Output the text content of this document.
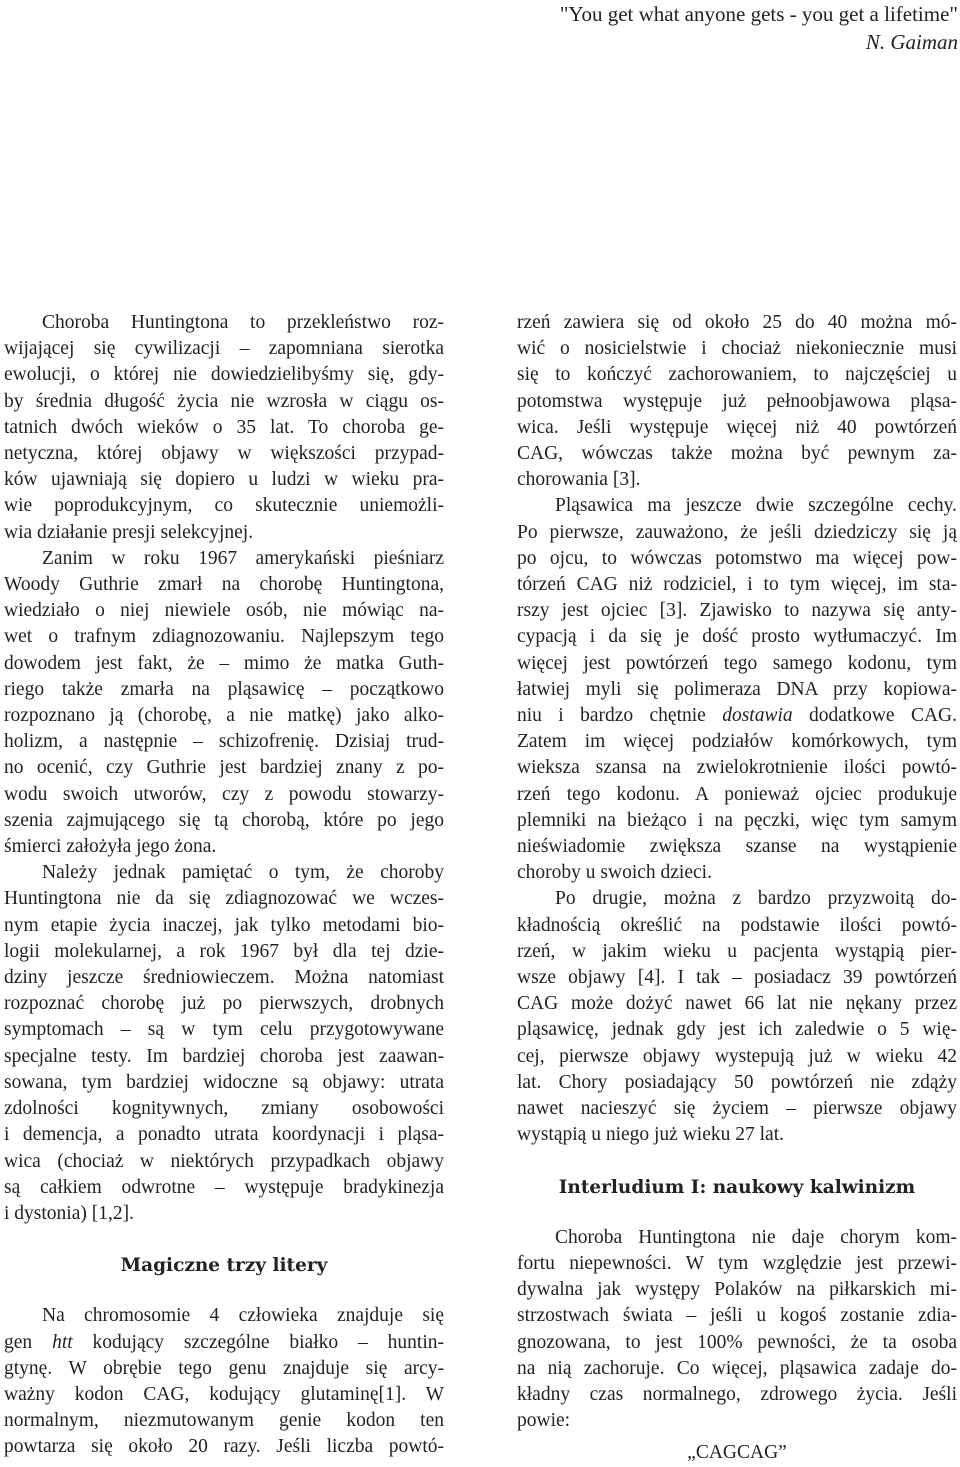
"You get what anyone gets - you get a lifetime"
N. Gaiman
Choroba Huntingtona to przekleństwo roz-
wijającej się cywilizacji – zapomniana sierotka
ewolucji, o której nie dowiedzielibyśmy się, gdy-
by średnia długość życia nie wzrosła w ciągu os-
tatnich dwóch wieków o 35 lat. To choroba ge-
netyczna, której objawy w większości przypad-
ków ujawniają się dopiero u ludzi w wieku pra-
wie poprodukcyjnym, co skutecznie uniemożli-
wia działanie presji selekcyjnej.
Zanim w roku 1967 amerykański pieśniarz
Woody Guthrie zmarł na chorobę Huntingtona,
wiedziało o niej niewiele osób, nie mówiąc na-
wet o trafnym zdiagnozowaniu. Najlepszym tego
dowodem jest fakt, że – mimo że matka Guth-
riego także zmarła na pląsawicę – początkowo
rozpoznano ją (chorobę, a nie matkę) jako alko-
holizm, a następnie – schizofrenię. Dzisiaj trud-
no ocenić, czy Guthrie jest bardziej znany z po-
wodu swoich utworów, czy z powodu stowarzy-
szenia zajmującego się tą chorobą, które po jego
śmierci założyła jego żona.
Należy jednak pamiętać o tym, że choroby
Huntingtona nie da się zdiagnozować we wczes-
nym etapie życia inaczej, jak tylko metodami bio-
logii molekularnej, a rok 1967 był dla tej dzie-
dziny jeszcze średniowieczem. Można natomiast
rozpoznać chorobę już po pierwszych, drobnych
symptomach – są w tym celu przygotowywane
specjalne testy. Im bardziej choroba jest zaawan-
sowana, tym bardziej widoczne są objawy: utrata
zdolności kognitywnych, zmiany osobowości
i demencja, a ponadto utrata koordynacji i pląsa-
wica (chociaż w niektórych przypadkach objawy
są całkiem odwrotne – występuje bradykinezja
i dystonia) [1,2].
Magiczne trzy litery
Na chromosomie 4 człowieka znajduje się
gen htt kodujący szczególne białko – huntin-
gtynę. W obrębie tego genu znajduje się arcy-
ważny kodon CAG, kodujący glutaminę[1]. W
normalnym, niezmutowanym genie kodon ten
powtarza się około 20 razy. Jeśli liczba powtó-
rzeń zawiera się od około 25 do 40 można mó-
wić o nosicielstwie i chociaż niekoniecznie musi
się to kończyć zachorowaniem, to najczęściej u
potomstwa występuje już pełnoobjawowa pląsa-
wica. Jeśli występuje więcej niż 40 powtórzeń
CAG, wówczas także można być pewnym za-
chorowania [3].
Pląsawica ma jeszcze dwie szczególne cechy.
Po pierwsze, zauważono, że jeśli dziedziczy się ją
po ojcu, to wówczas potomstwo ma więcej pow-
tórzeń CAG niż rodziciel, i to tym więcej, im sta-
rszy jest ojciec [3]. Zjawisko to nazywa się anty-
cypacją i da się je dość prosto wytłumaczyć. Im
więcej jest powtórzeń tego samego kodonu, tym
łatwiej myli się polimeraza DNA przy kopiowa-
niu i bardzo chętnie dostawia dodatkowe CAG.
Zatem im więcej podziałów komórkowych, tym
wieksza szansa na zwielokrotnienie ilości powtó-
rzeń tego kodonu. A ponieważ ojciec produkuje
plemniki na bieżąco i na pęczki, więc tym samym
nieświadomie zwiększa szanse na wystąpienie
choroby u swoich dzieci.
Po drugie, można z bardzo przyzwoitą do-
kładnością określić na podstawie ilości powtó-
rzeń, w jakim wieku u pacjenta wystąpią pier-
wsze objawy [4]. I tak – posiadacz 39 powtórzeń
CAG może dożyć nawet 66 lat nie nękany przez
pląsawicę, jednak gdy jest ich zaledwie o 5 wię-
cej, pierwsze objawy wystepują już w wieku 42
lat. Chory posiadający 50 powtórzeń nie zdąży
nawet nacieszyć się życiem – pierwsze objawy
wystąpią u niego już wieku 27 lat.
Interludium I: naukowy kalwinizm
Choroba Huntingtona nie daje chorym kom-
fortu niepewności. W tym względzie jest przewi-
dywalna jak występy Polaków na piłkarskich mi-
strzostwach świata – jeśli u kogoś zostanie zdia-
gnozowana, to jest 100% pewności, że ta osoba
na nią zachoruje. Co więcej, pląsawica zadaje do-
kładny czas normalnego, zdrowego życia. Jeśli
powie:
„CAGCAG”
